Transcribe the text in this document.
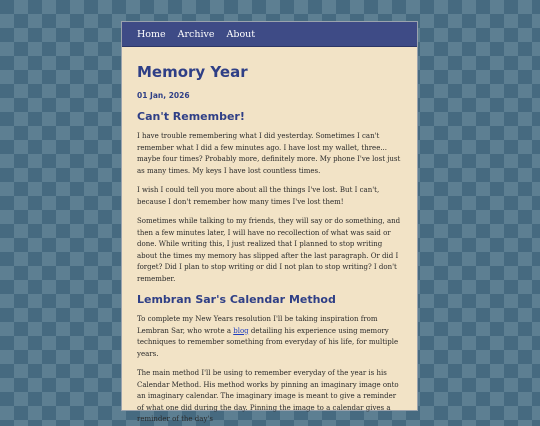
Home Archive About
Memory Year
01 Jan, 2026
Can't Remember!

I have trouble remembering what I did yesterday. Sometimes I can't remember what I did a few minutes ago. I have lost my wallet, three... maybe four times? Probably more, definitely more. My phone I've lost just as many times. My keys I have lost countless times.

I wish I could tell you more about all the things I've lost. But I can't, because I don't remember how many times I've lost them!

Sometimes while talking to my friends, they will say or do something, and then a few minutes later, I will have no recollection of what was said or done. While writing this, I just realized that I planned to stop writing about the times my memory has slipped after the last paragraph. Or did I forget? Did I plan to stop writing or did I not plan to stop writing? I don't remember.

Lembran Sar's Calendar Method

To complete my New Years resolution I'll be taking inspiration from Lembran Sar, who wrote a blog detailing his experience using memory techniques to remember something from everyday of his life, for multiple years.

The main method I'll be using to remember everyday of the year is his Calendar Method. His method works by pinning an imaginary image onto an imaginary calendar. The imaginary image is meant to give a reminder of what one did during the day. Pinning the image to a calendar gives a reminder of the day's
